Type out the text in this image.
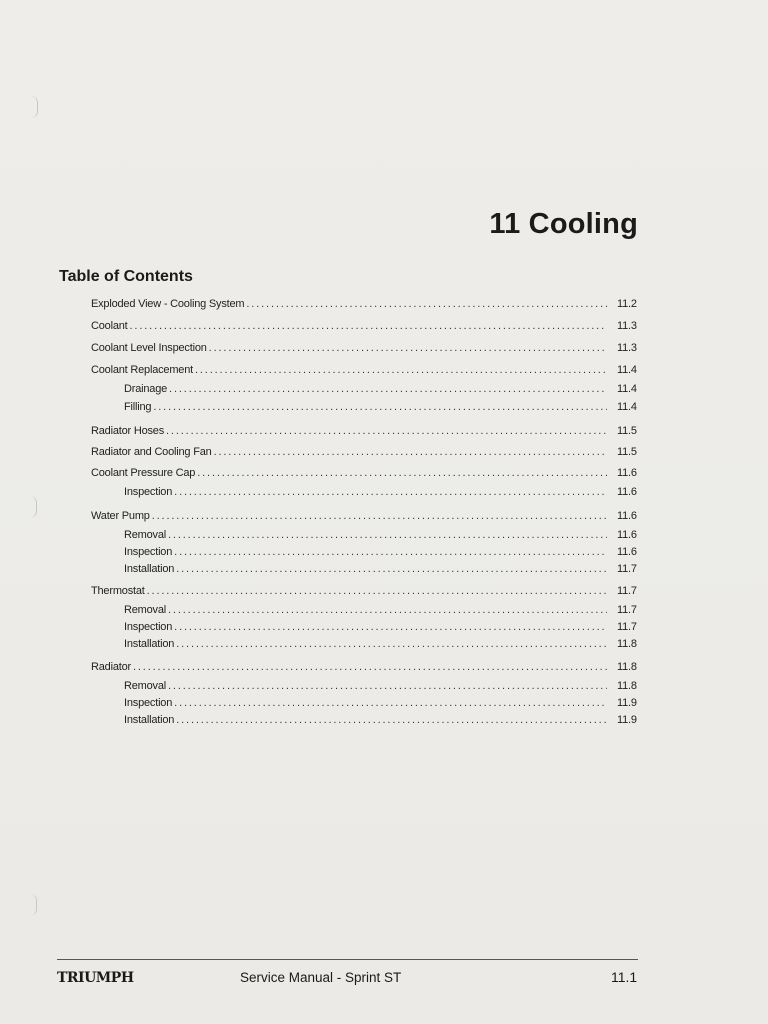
11 Cooling
Table of Contents
Exploded View - Cooling System . . .	11.2
Coolant . . .	11.3
Coolant Level Inspection . . .	11.3
Coolant Replacement . . .	11.4
Drainage . . .	11.4
Filling . . .	11.4
Radiator Hoses . . .	11.5
Radiator and Cooling Fan . . .	11.5
Coolant Pressure Cap . . .	11.6
Inspection . . .	11.6
Water Pump . . .	11.6
Removal . . .	11.6
Inspection . . .	11.6
Installation . . .	11.7
Thermostat . . .	11.7
Removal . . .	11.7
Inspection . . .	11.7
Installation . . .	11.8
Radiator . . .	11.8
Removal . . .	11.8
Inspection . . .	11.9
Installation . . .	11.9
TRIUMPH	Service Manual - Sprint ST	11.1
